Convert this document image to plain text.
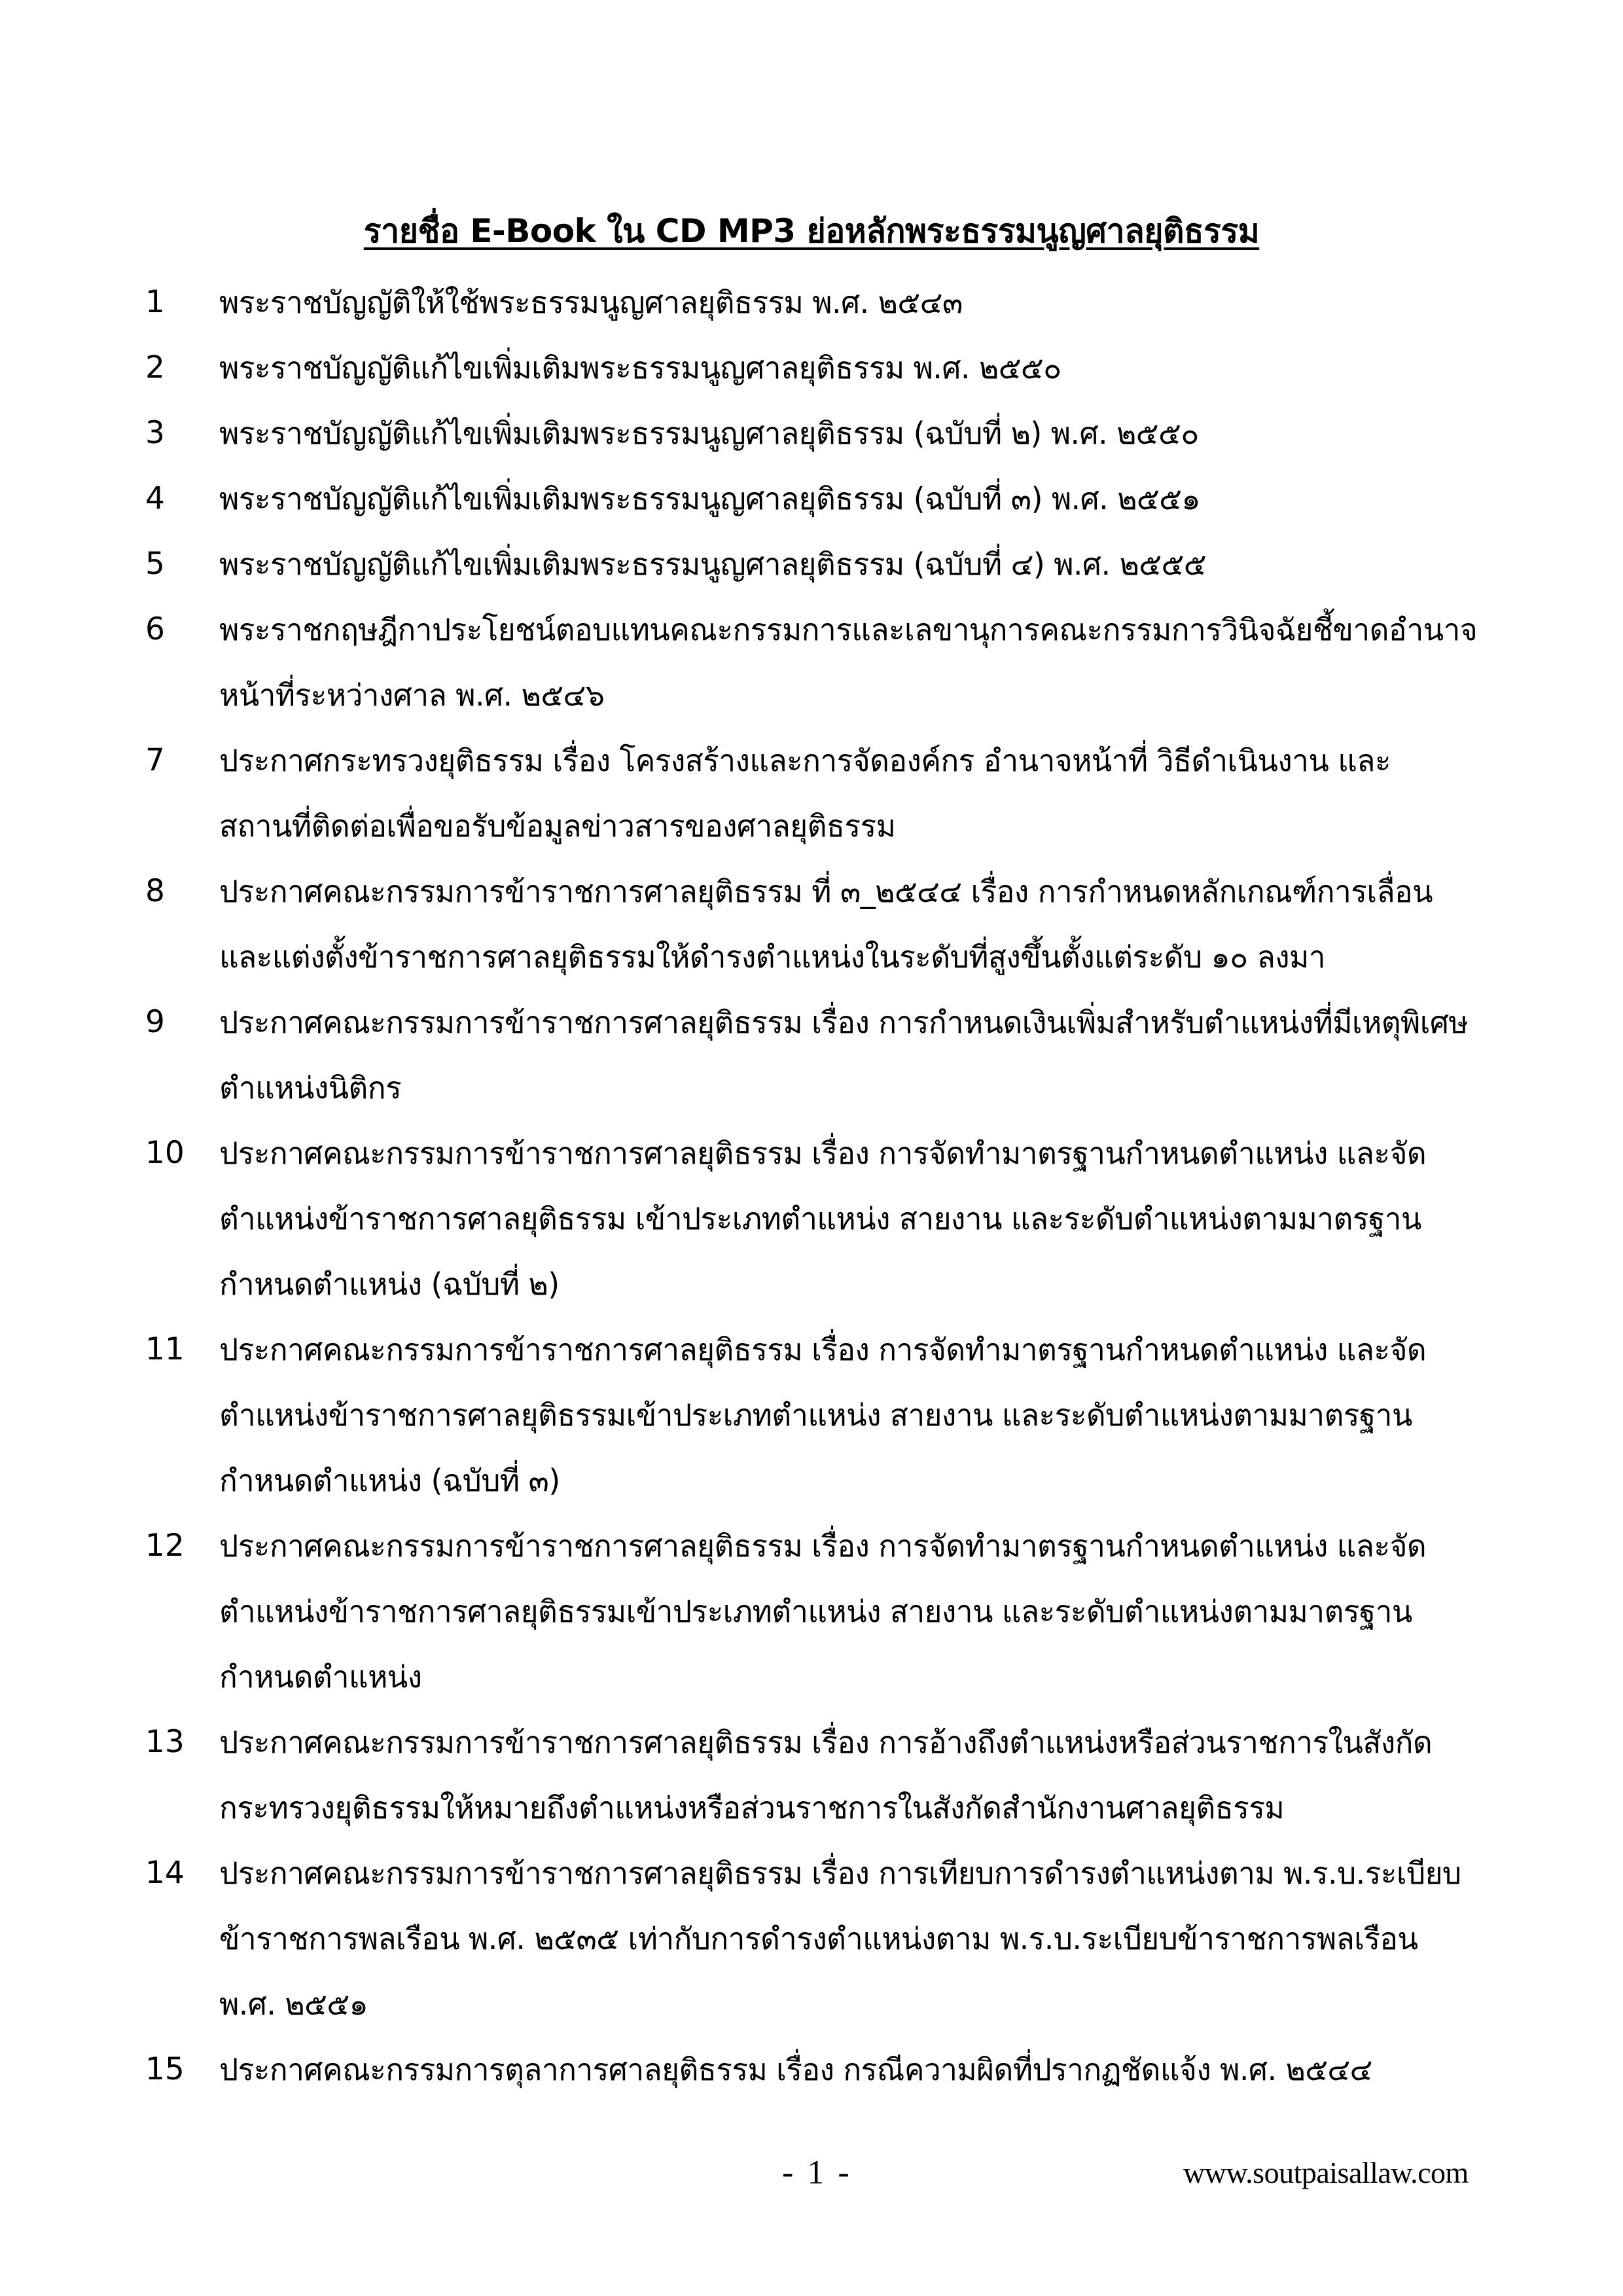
รายชื่อ E-Book ใน CD MP3 ย่อหลักพระธรรมนูญศาลยุติธรรม
1	พระราชบัญญัติให้ใช้พระธรรมนูญศาลยุติธรรม พ.ศ. ๒๕๔๓
2	พระราชบัญญัติแก้ไขเพิ่มเติมพระธรรมนูญศาลยุติธรรม พ.ศ. ๒๕๕๐
3	พระราชบัญญัติแก้ไขเพิ่มเติมพระธรรมนูญศาลยุติธรรม (ฉบับที่ ๒) พ.ศ. ๒๕๕๐
4	พระราชบัญญัติแก้ไขเพิ่มเติมพระธรรมนูญศาลยุติธรรม (ฉบับที่ ๓) พ.ศ. ๒๕๕๑
5	พระราชบัญญัติแก้ไขเพิ่มเติมพระธรรมนูญศาลยุติธรรม (ฉบับที่ ๔) พ.ศ. ๒๕๕๕
6	พระราชกฤษฎีกาประโยชน์ตอบแทนคณะกรรมการและเลขานุการคณะกรรมการวินิจฉัยชี้ขาดอำนาจ
หน้าที่ระหว่างศาล พ.ศ. ๒๕๔๖
7	ประกาศกระทรวงยุติธรรม เรื่อง โครงสร้างและการจัดองค์กร อำนาจหน้าที่ วิธีดำเนินงาน และ
สถานที่ติดต่อเพื่อขอรับข้อมูลข่าวสารของศาลยุติธรรม
8	ประกาศคณะกรรมการข้าราชการศาลยุติธรรม ที่ ๓_๒๕๔๔ เรื่อง การกำหนดหลักเกณฑ์การเลื่อน
และแต่งตั้งข้าราชการศาลยุติธรรมให้ดำรงตำแหน่งในระดับที่สูงขึ้นตั้งแต่ระดับ ๑๐ ลงมา
9	ประกาศคณะกรรมการข้าราชการศาลยุติธรรม เรื่อง การกำหนดเงินเพิ่มสำหรับตำแหน่งที่มีเหตุพิเศษ
ตำแหน่งนิติกร
10	ประกาศคณะกรรมการข้าราชการศาลยุติธรรม เรื่อง การจัดทำมาตรฐานกำหนดตำแหน่ง และจัด
ตำแหน่งข้าราชการศาลยุติธรรม เข้าประเภทตำแหน่ง สายงาน และระดับตำแหน่งตามมาตรฐาน
กำหนดตำแหน่ง (ฉบับที่ ๒)
11	ประกาศคณะกรรมการข้าราชการศาลยุติธรรม เรื่อง การจัดทำมาตรฐานกำหนดตำแหน่ง และจัด
ตำแหน่งข้าราชการศาลยุติธรรมเข้าประเภทตำแหน่ง สายงาน และระดับตำแหน่งตามมาตรฐาน
กำหนดตำแหน่ง (ฉบับที่ ๓)
12	ประกาศคณะกรรมการข้าราชการศาลยุติธรรม เรื่อง การจัดทำมาตรฐานกำหนดตำแหน่ง และจัด
ตำแหน่งข้าราชการศาลยุติธรรมเข้าประเภทตำแหน่ง สายงาน และระดับตำแหน่งตามมาตรฐาน
กำหนดตำแหน่ง
13	ประกาศคณะกรรมการข้าราชการศาลยุติธรรม เรื่อง การอ้างถึงตำแหน่งหรือส่วนราชการในสังกัด
กระทรวงยุติธรรมให้หมายถึงตำแหน่งหรือส่วนราชการในสังกัดสำนักงานศาลยุติธรรม
14	ประกาศคณะกรรมการข้าราชการศาลยุติธรรม เรื่อง การเทียบการดำรงตำแหน่งตาม พ.ร.บ.ระเบียบ
ข้าราชการพลเรือน พ.ศ. ๒๕๓๕ เท่ากับการดำรงตำแหน่งตาม พ.ร.บ.ระเบียบข้าราชการพลเรือน
พ.ศ. ๒๕๕๑
15	ประกาศคณะกรรมการตุลาการศาลยุติธรรม เรื่อง กรณีความผิดที่ปรากฏชัดแจ้ง พ.ศ. ๒๕๔๔
- 1 -	www.soutpaisallaw.com
